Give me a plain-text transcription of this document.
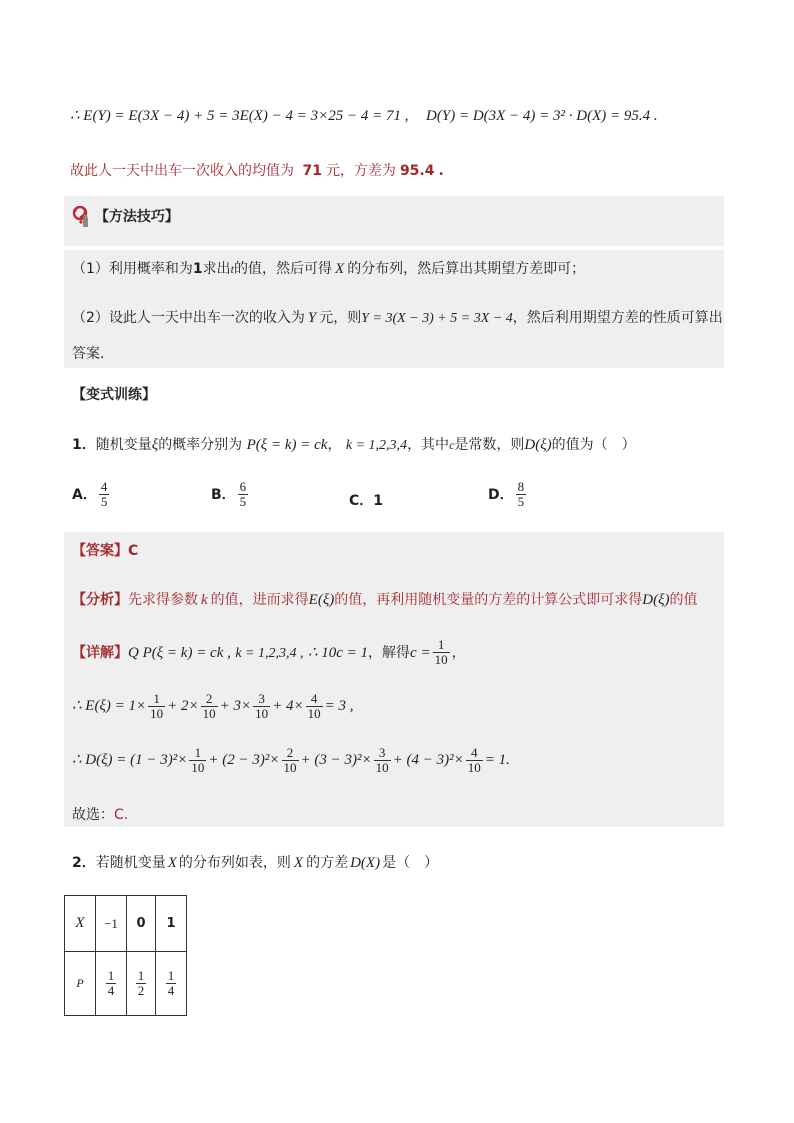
∴ E(Y) = E(3X − 4) + 5 = 3E(X) − 4 = 3×25 − 4 = 71 , D(Y) = D(3X − 4) = 3² · D(X) = 95.4 .
故此人一天中出车一次收入的均值为 71 元，方差为 95.4 .
【方法技巧】
（1）利用概率和为1求出t的值，然后可得 X 的分布列，然后算出其期望方差即可；
（2）设此人一天中出车一次的收入为 Y 元，则Y = 3(X − 3) + 5 = 3X − 4，然后利用期望方差的性质可算出
答案.
【变式训练】
1．随机变量ξ的概率分别为 P(ξ = k) = ck， k = 1,2,3,4，其中c是常数，则D(ξ)的值为（　）
A． $\frac{4}{5}$	B． $\frac{6}{5}$	C．1	D． $\frac{8}{5}$
【答案】C
【分析】先求得参数 k 的值，进而求得E(ξ)的值，再利用随机变量的方差的计算公式即可求得D(ξ)的值
【详解】Q P(ξ = k) = ck , k = 1,2,3,4 , ∴ 10c = 1，解得$c = \frac{1}{10}$ ，
∴ $E(\xi) = 1\times \frac{1}{10} + 2\times \frac{2}{10} + 3\times \frac{3}{10} + 4\times \frac{4}{10} = 3$ ,
∴ $D(\xi) = (1 - 3)^2\times \frac{1}{10} + (2 - 3)^2\times \frac{2}{10} + (3 - 3)^2\times \frac{3}{10} + (4 - 3)^2\times \frac{4}{10} = 1$.
故选：C.
2．若随机变量 X 的分布列如表，则 X 的方差 D(X) 是（　）
X	−1	0	1
P	$\frac{1}{4}$	$\frac{1}{2}$	$\frac{1}{4}$
